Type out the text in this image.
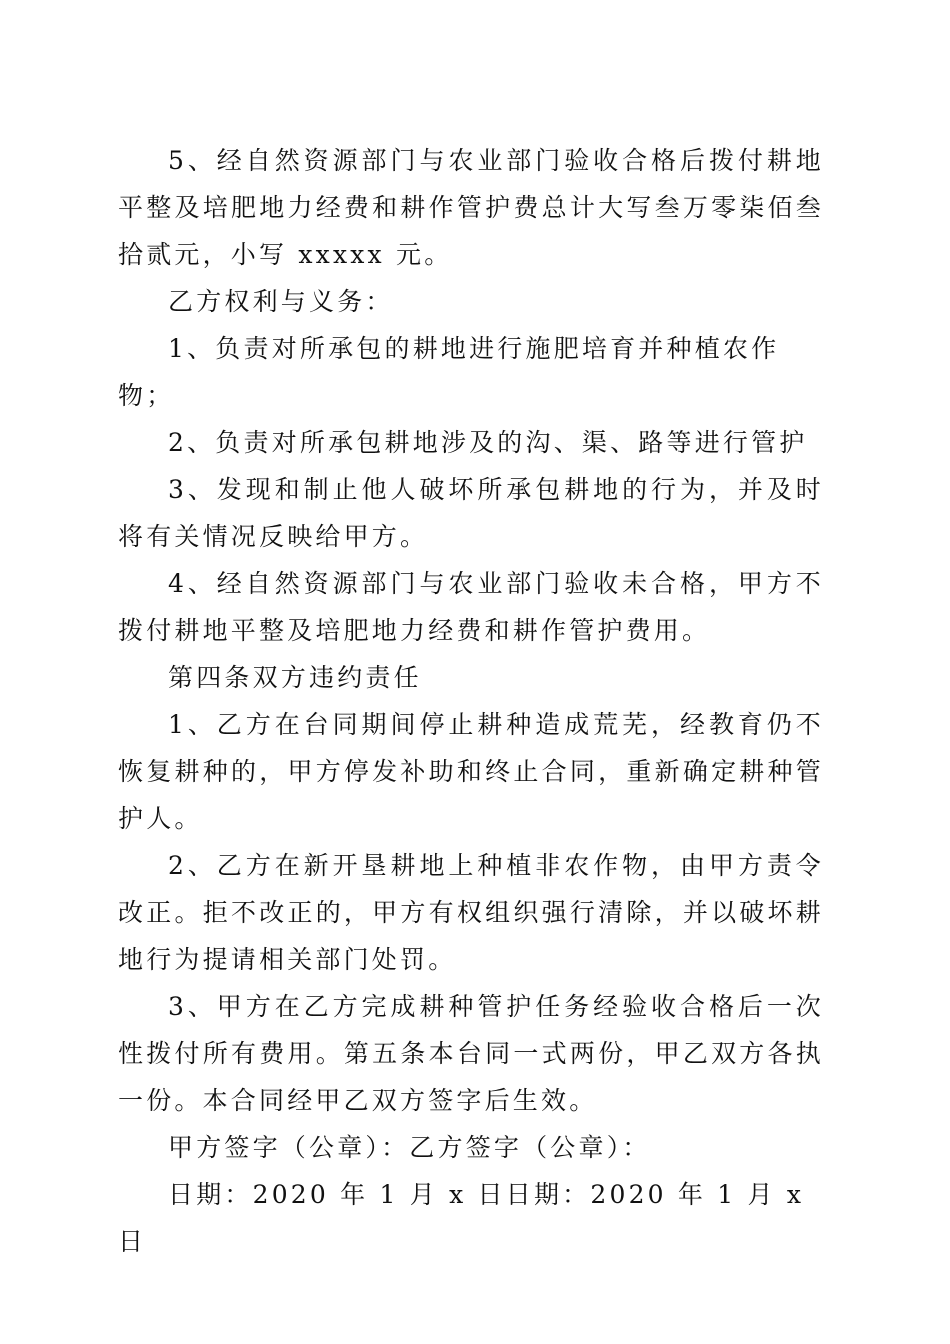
5、经自然资源部门与农业部门验收合格后拨付耕地平整及培肥地力经费和耕作管护费总计大写叁万零柒佰叁拾贰元，小写 xxxxx 元。

乙方权利与义务：

1、负责对所承包的耕地进行施肥培育并种植农作物；

2、负责对所承包耕地涉及的沟、渠、路等进行管护

3、发现和制止他人破坏所承包耕地的行为，并及时将有关情况反映给甲方。

4、经自然资源部门与农业部门验收未合格，甲方不拨付耕地平整及培肥地力经费和耕作管护费用。

第四条双方违约责任

1、乙方在台同期间停止耕种造成荒芜，经教育仍不恢复耕种的，甲方停发补助和终止合同，重新确定耕种管护人。

2、乙方在新开垦耕地上种植非农作物，由甲方责令改正。拒不改正的，甲方有权组织强行清除，并以破坏耕地行为提请相关部门处罚。

3、甲方在乙方完成耕种管护任务经验收合格后一次性拨付所有费用。第五条本台同一式两份，甲乙双方各执一份。本合同经甲乙双方签字后生效。

甲方签字（公章）：乙方签字（公章）：

日期：2020 年 1 月 x 日日期：2020 年 1 月 x 日
